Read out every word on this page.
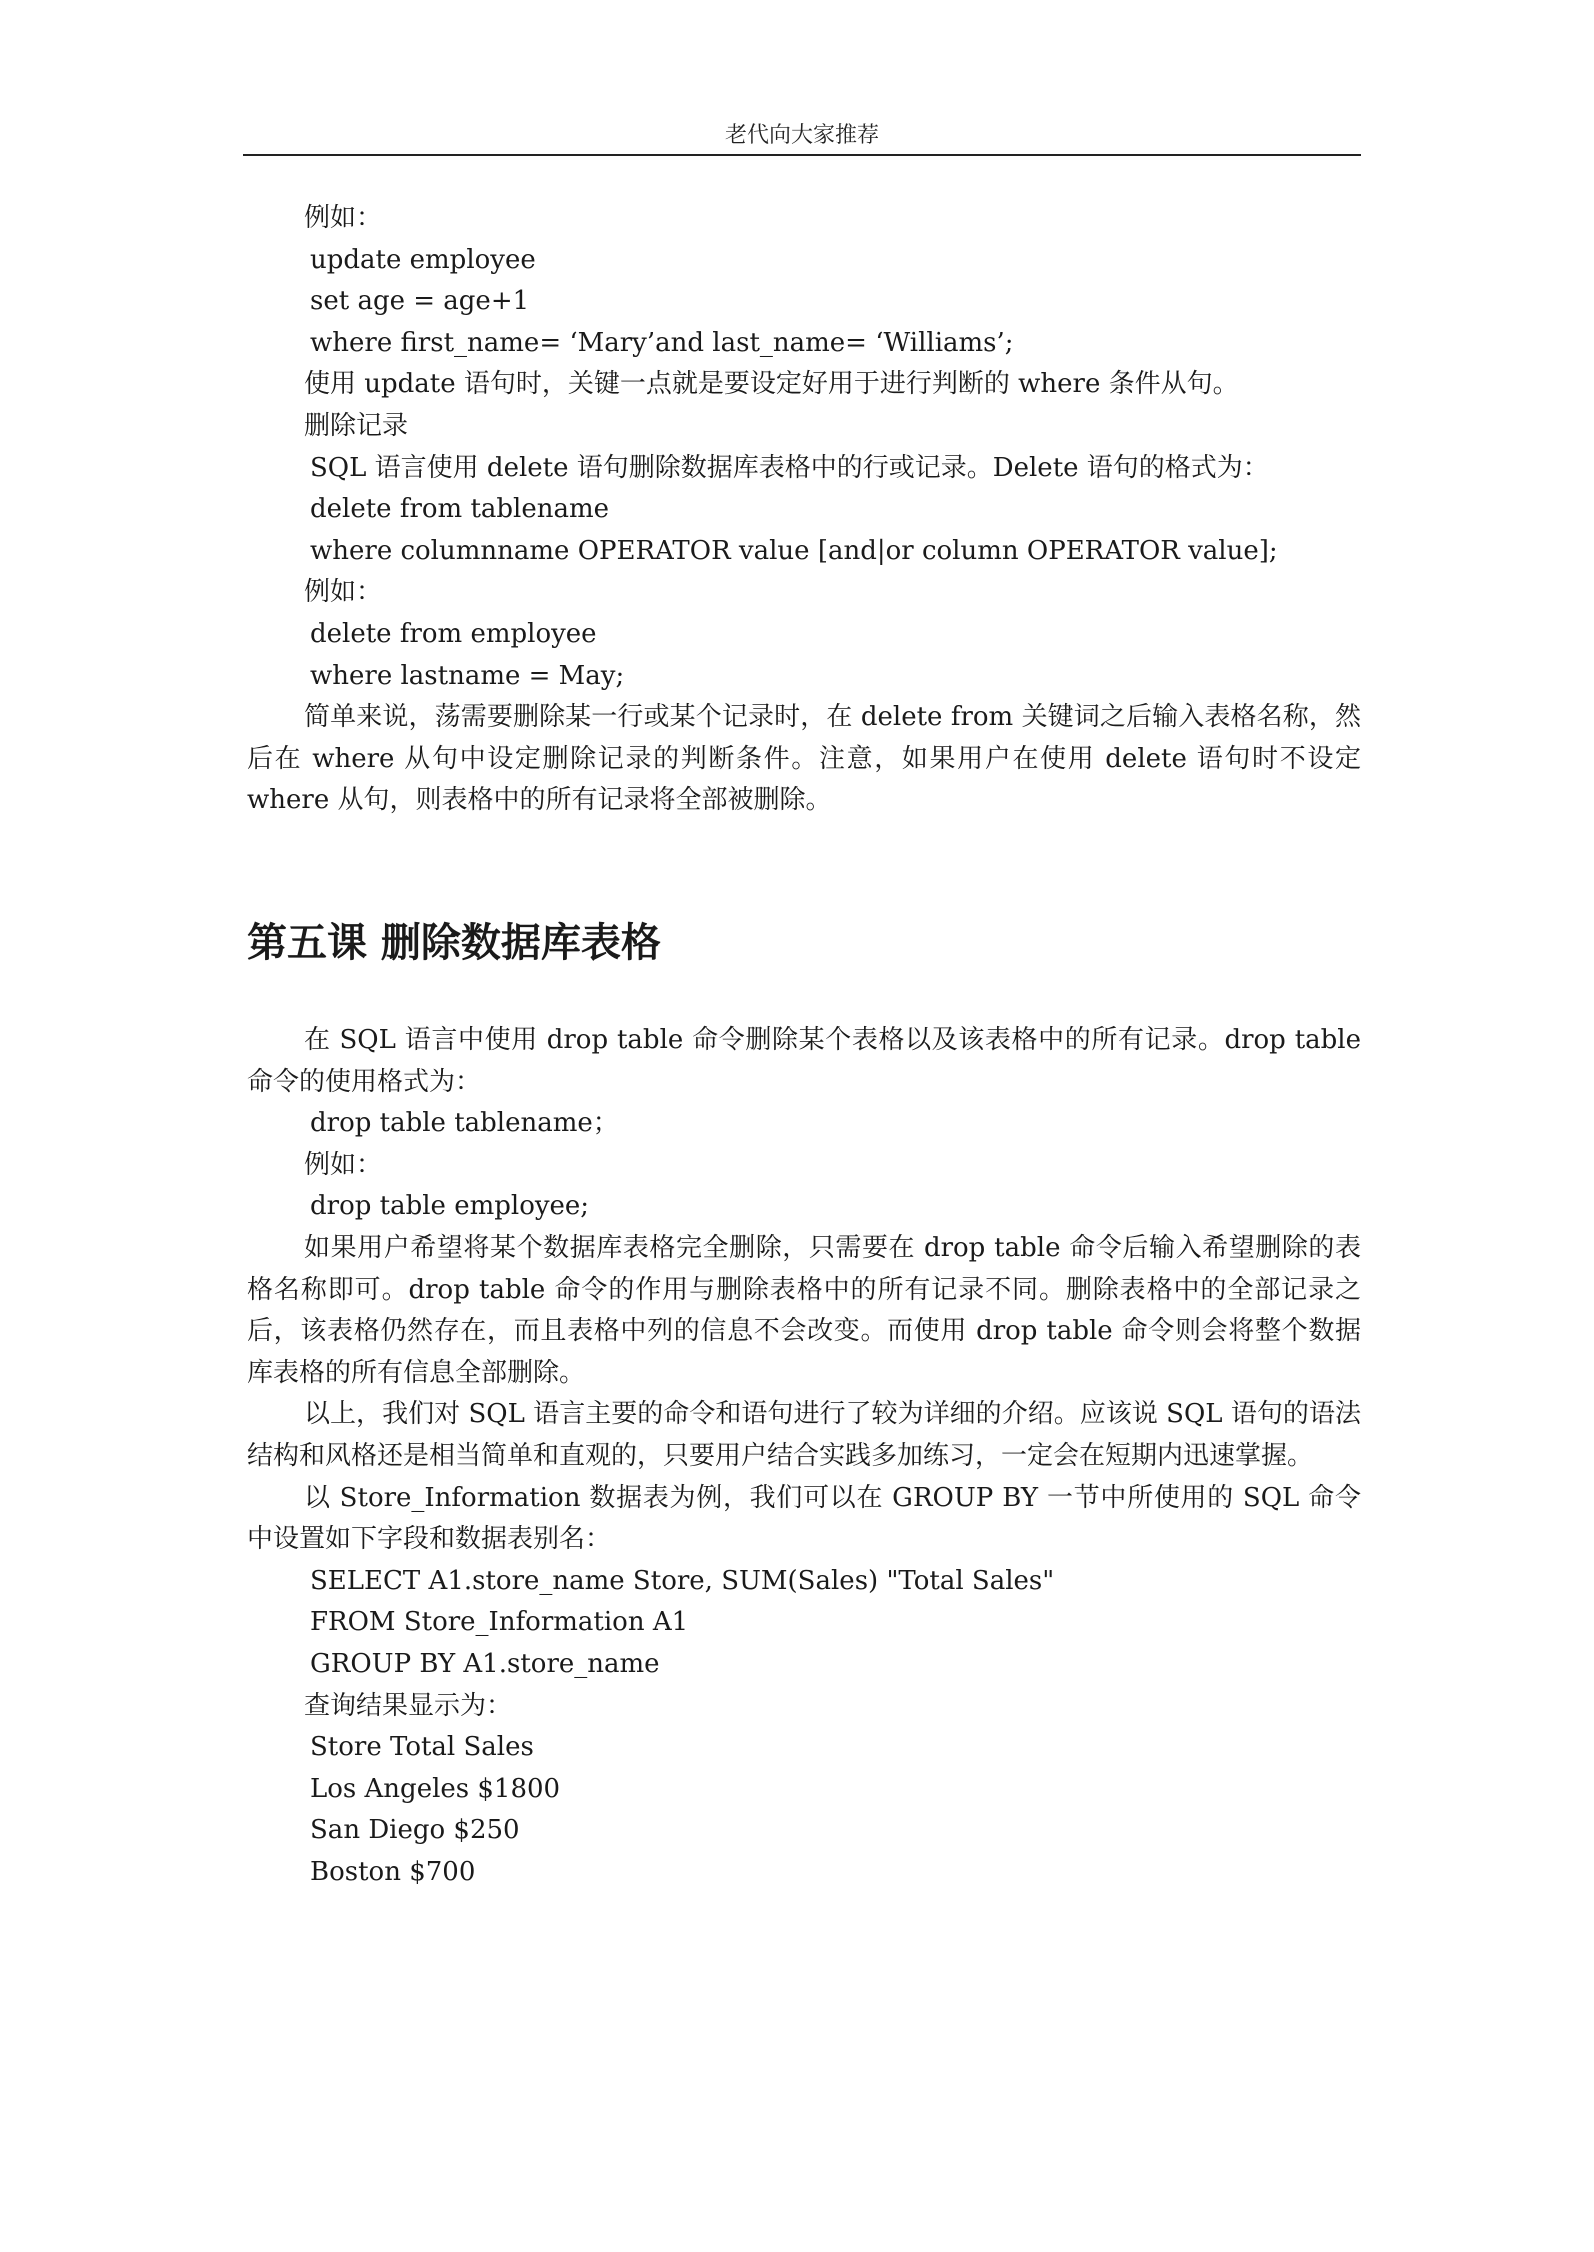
老代向大家推荐
例如：
update employee
set age = age+1
where first_name= ‘Mary’and last_name= ‘Williams’;
使用 update 语句时，关键一点就是要设定好用于进行判断的 where 条件从句。
删除记录
SQL 语言使用 delete 语句删除数据库表格中的行或记录。Delete 语句的格式为：
delete from tablename
where columnname OPERATOR value [and|or column OPERATOR value];
例如：
delete from employee
where lastname = May;
简单来说，荡需要删除某一行或某个记录时，在 delete from 关键词之后输入表格名称，然后在 where 从句中设定删除记录的判断条件。注意，如果用户在使用 delete 语句时不设定 where 从句，则表格中的所有记录将全部被删除。
第五课 删除数据库表格
在 SQL 语言中使用 drop table 命令删除某个表格以及该表格中的所有记录。drop table 命令的使用格式为：
drop table tablename；
例如：
drop table employee;
如果用户希望将某个数据库表格完全删除，只需要在 drop table 命令后输入希望删除的表格名称即可。drop table 命令的作用与删除表格中的所有记录不同。删除表格中的全部记录之后，该表格仍然存在，而且表格中列的信息不会改变。而使用 drop table 命令则会将整个数据库表格的所有信息全部删除。
以上，我们对 SQL 语言主要的命令和语句进行了较为详细的介绍。应该说 SQL 语句的语法结构和风格还是相当简单和直观的，只要用户结合实践多加练习，一定会在短期内迅速掌握。
以 Store_Information 数据表为例，我们可以在 GROUP BY 一节中所使用的 SQL 命令中设置如下字段和数据表别名：
SELECT A1.store_name Store, SUM(Sales) "Total Sales"
FROM Store_Information A1
GROUP BY A1.store_name
查询结果显示为：
Store Total Sales
Los Angeles $1800
San Diego $250
Boston $700
